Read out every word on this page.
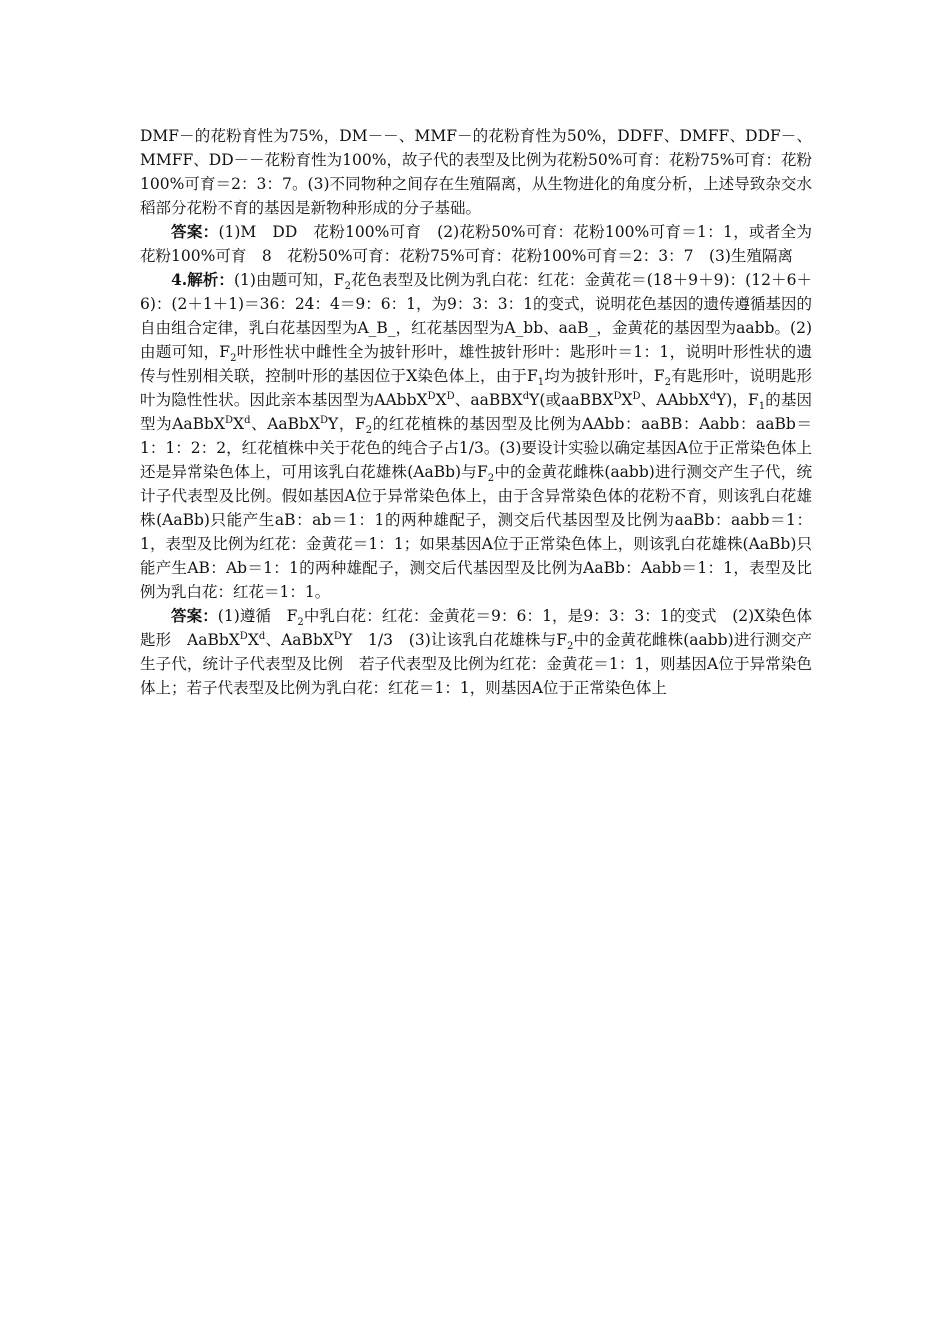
DMF－的花粉育性为75%，DM－－、MMF－的花粉育性为50%，DDFF、DMFF、DDF－、MMFF、DD－－花粉育性为100%，故子代的表型及比例为花粉50%可育：花粉75%可育：花粉100%可育＝2：3：7。(3)不同物种之间存在生殖隔离，从生物进化的角度分析，上述导致杂交水稻部分花粉不育的基因是新物种形成的分子基础。

答案：(1)M　DD　花粉100%可育　(2)花粉50%可育：花粉100%可育＝1：1，或者全为花粉100%可育　8　花粉50%可育：花粉75%可育：花粉100%可育＝2：3：7　(3)生殖隔离

4.解析：(1)由题可知，$F_2$花色表型及比例为乳白花：红花：金黄花＝(18＋9＋9)：(12＋6＋6)：(2＋1＋1)＝36：24：4＝9：6：1，为9：3：3：1的变式，说明花色基因的遗传遵循基因的自由组合定律，乳白花基因型为A_B_，红花基因型为A_bb、aaB_，金黄花的基因型为aabb。(2)由题可知，$F_2$叶形性状中雌性全为披针形叶，雄性披针形叶：匙形叶＝1：1，说明叶形性状的遗传与性别相关联，控制叶形的基因位于X染色体上，由于$F_1$均为披针形叶，$F_2$有匙形叶，说明匙形叶为隐性性状。因此亲本基因型为$AAbbX^DX^D$、aaBBX$^d$Y(或$aaBBX^DX^D$、AAbbX$^d$Y)，$F_1$的基因型为$AaBbX^DX^d$、AaBbX$^D$Y，$F_2$的红花植株的基因型及比例为AAbb：aaBB：Aabb：aaBb＝1：1：2：2，红花植株中关于花色的纯合子占1/3。(3)要设计实验以确定基因A位于正常染色体上还是异常染色体上，可用该乳白花雄株(AaBb)与$F_2$中的金黄花雌株(aabb)进行测交产生子代，统计子代表型及比例。假如基因A位于异常染色体上，由于含异常染色体的花粉不育，则该乳白花雄株(AaBb)只能产生aB：ab＝1：1的两种雄配子，测交后代基因型及比例为aaBb：aabb＝1：1，表型及比例为红花：金黄花＝1：1；如果基因A位于正常染色体上，则该乳白花雄株(AaBb)只能产生AB：Ab＝1：1的两种雄配子，测交后代基因型及比例为AaBb：Aabb＝1：1，表型及比例为乳白花：红花＝1：1。

答案：(1)遵循　$F_2$中乳白花：红花：金黄花＝9：6：1，是9：3：3：1的变式　(2)X染色体　匙形　$AaBbX^DX^d$、AaBbX$^D$Y　1/3　(3)让该乳白花雄株与$F_2$中的金黄花雌株(aabb)进行测交产生子代，统计子代表型及比例　若子代表型及比例为红花：金黄花＝1：1，则基因A位于异常染色体上；若子代表型及比例为乳白花：红花＝1：1，则基因A位于正常染色体上
